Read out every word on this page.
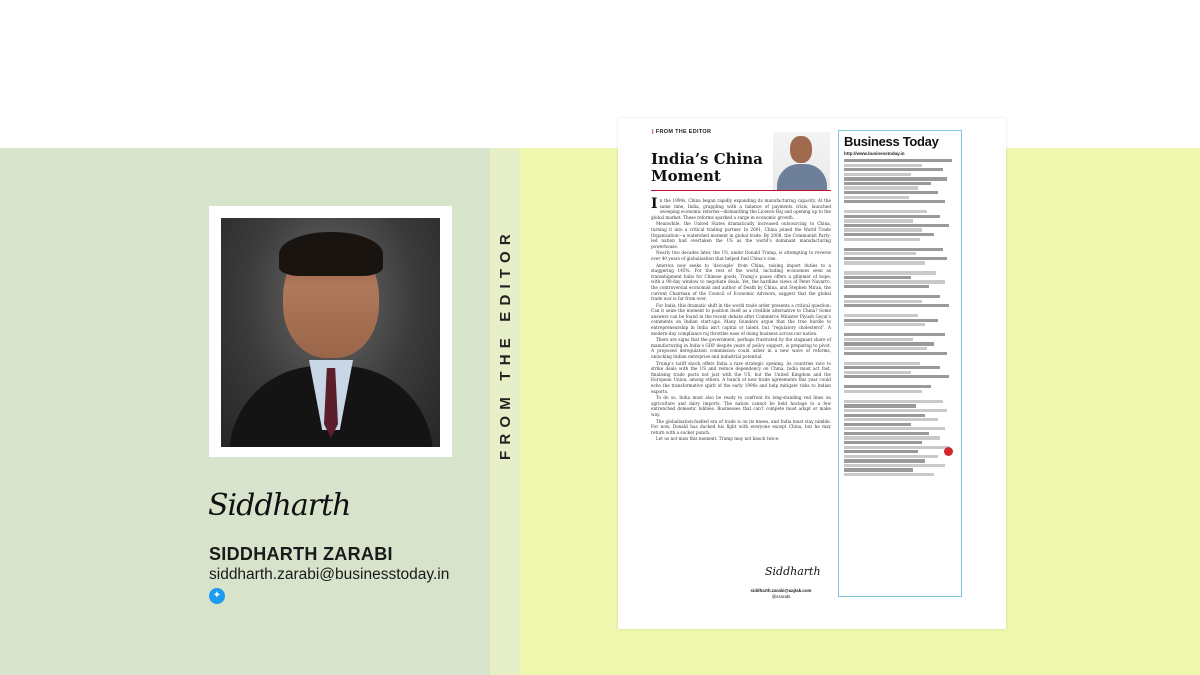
Siddharth
SIDDHARTH ZARABI
siddharth.zarabi@businesstoday.in
✦
FROM THE EDITOR
| FROM THE EDITOR
India’s China
Moment

In the 1990s, China began rapidly expanding its manufacturing capacity. At the same time, India, grappling with a balance of payments crisis, launched sweeping economic reforms—dismantling the Licence Raj and opening up to the global market. These reforms sparked a surge in economic growth.

Meanwhile, the United States dramatically increased outsourcing to China, turning it into a critical trading partner. In 2001, China joined the World Trade Organization—a watershed moment in global trade. By 2008, the Communist Party-led nation had overtaken the US as the world’s dominant manufacturing powerhouse.

Nearly two decades later, the US, under Donald Trump, is attempting to reverse over 40 years of globalisation that helped fuel China’s rise.

America now seeks to ‘decouple’ from China, raising import duties to a staggering 145%. For the rest of the world, including economies seen as transshipment hubs for Chinese goods, Trump’s pause offers a glimmer of hope, with a 90-day window to negotiate deals. Yet, the hardline views of Peter Navarro, the controversial economist and author of Death by China, and Stephen Miran, the current Chairman of the Council of Economic Advisors, suggest that the global trade war is far from over.

For India, this dramatic shift in the world trade order presents a critical question: Can it seize the moment to position itself as a credible alternative to China? Some answers can be found in the recent debate after Commerce Minister Piyush Goyal’s comments on Indian start-ups. Many founders argue that the true hurdle to entrepreneurship in India isn’t capital or talent, but “regulatory cholesterol”. A modern-day compliance raj throttles ease of doing business across our nation.

There are signs that the government, perhaps frustrated by the stagnant share of manufacturing in India’s GDP despite years of policy support, is preparing to pivot. A proposed deregulation commission could usher in a new wave of reforms, unlocking Indian enterprise and industrial potential.

Trump’s tariff shock offers India a rare strategic opening. As countries race to strike deals with the US and reduce dependency on China, India must act fast, finalising trade pacts not just with the US, but the United Kingdom and the European Union, among others. A bunch of new trade agreements this year could echo the transformative spirit of the early 1990s and help mitigate risks to Indian exports.

To do so, India must also be ready to confront its long-standing red lines on agriculture and dairy imports. The nation cannot be held hostage to a few entrenched domestic lobbies. Businesses that can’t compete must adapt or make way.

The globalisation-fuelled era of trade is on its knees, and India must stay nimble. For now, Donald has ducked his fight with everyone except China, but he may return with a sucker punch.

Let us not miss this moment. Trump may not knock twice.

Siddharth
siddharth.zarabi@aajtak.com
@szarabi
Business Today
http://www.businesstoday.in
